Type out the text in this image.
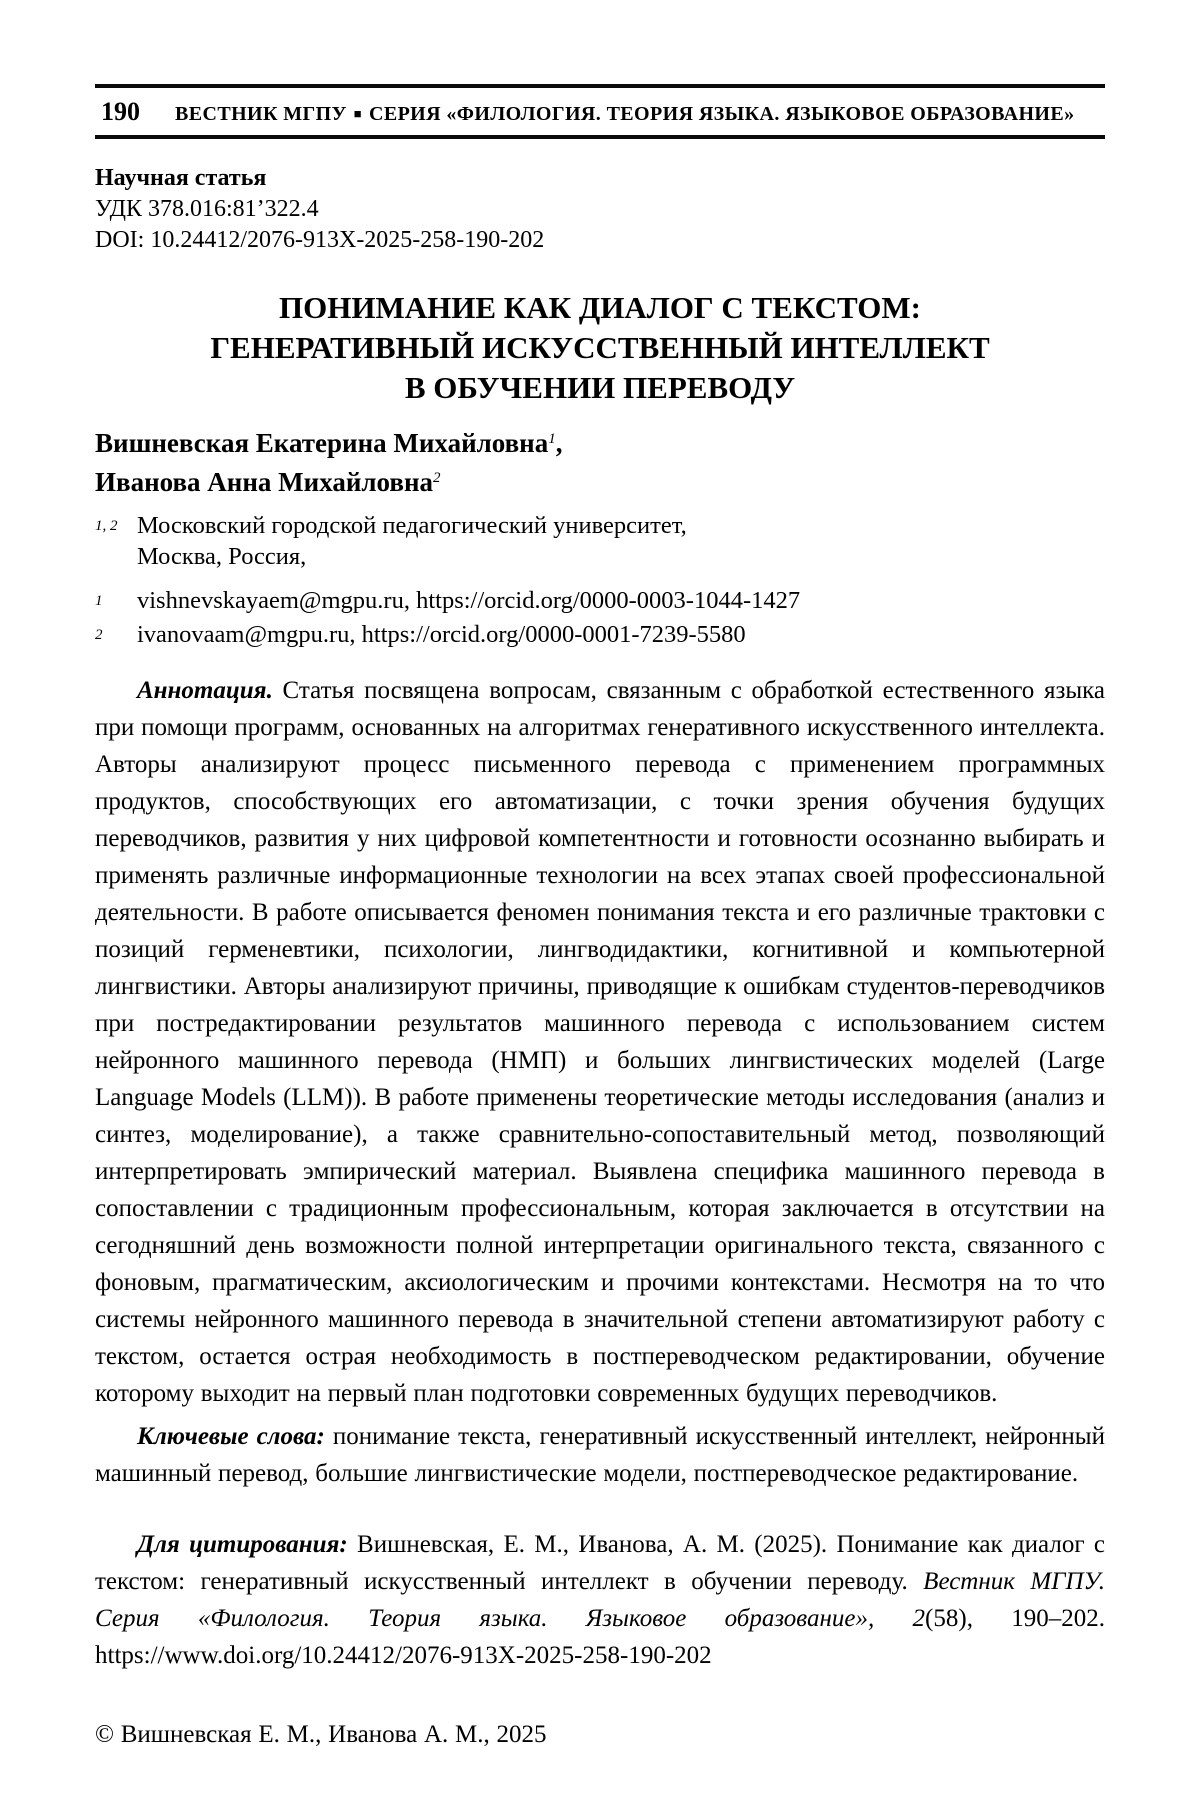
190	ВЕСТНИК МГПУ ■ СЕРИЯ «ФИЛОЛОГИЯ. ТЕОРИЯ ЯЗЫКА. ЯЗЫКОВОЕ ОБРАЗОВАНИЕ»
Научная статья
УДК 378.016:81’322.4
DOI: 10.24412/2076-913X-2025-258-190-202
ПОНИМАНИЕ КАК ДИАЛОГ С ТЕКСТОМ:
ГЕНЕРАТИВНЫЙ ИСКУССТВЕННЫЙ ИНТЕЛЛЕКТ
В ОБУЧЕНИИ ПЕРЕВОДУ
Вишневская Екатерина Михайловна$^1$,
Иванова Анна Михайловна$^2$
1, 2 Московский городской педагогический университет,
Москва, Россия,
1	vishnevskayaem@mgpu.ru, https://orcid.org/0000-0003-1044-1427
2	ivanovaam@mgpu.ru, https://orcid.org/0000-0001-7239-5580

Аннотация. Статья посвящена вопросам, связанным с обработкой естественного языка при помощи программ, основанных на алгоритмах генеративного искусственного интеллекта. Авторы анализируют процесс письменного перевода с применением программных продуктов, способствующих его автоматизации, с точки зрения обучения будущих переводчиков, развития у них цифровой компетентности и готовности осознанно выбирать и применять различные информационные технологии на всех этапах своей профессиональной деятельности. В работе описывается феномен понимания текста и его различные трактовки с позиций герменевтики, психологии, лингводидактики, когнитивной и компьютерной лингвистики. Авторы анализируют причины, приводящие к ошибкам студентов-переводчиков при постредактировании результатов машинного перевода с использованием систем нейронного машинного перевода (НМП) и больших лингвистических моделей (Large Language Models (LLM)). В работе применены теоретические методы исследования (анализ и синтез, моделирование), а также сравнительно-сопоставительный метод, позволяющий интерпретировать эмпирический материал. Выявлена специфика машинного перевода в сопоставлении с традиционным профессиональным, которая заключается в отсутствии на сегодняшний день возможности полной интерпретации оригинального текста, связанного с фоновым, прагматическим, аксиологическим и прочими контекстами. Несмотря на то что системы нейронного машинного перевода в значительной степени автоматизируют работу с текстом, остается острая необходимость в постпереводческом редактировании, обучение которому выходит на первый план подготовки современных будущих переводчиков.

Ключевые слова: понимание текста, генеративный искусственный интеллект, нейронный машинный перевод, большие лингвистические модели, постпереводческое редактирование.

Для цитирования: Вишневская, Е. М., Иванова, А. М. (2025). Понимание как диалог с текстом: генеративный искусственный интеллект в обучении переводу. Вестник МГПУ. Серия «Филология. Теория языка. Языковое образование», 2(58), 190–202. https://www.doi.org/10.24412/2076-913X-2025-258-190-202

© Вишневская Е. М., Иванова А. М., 2025
